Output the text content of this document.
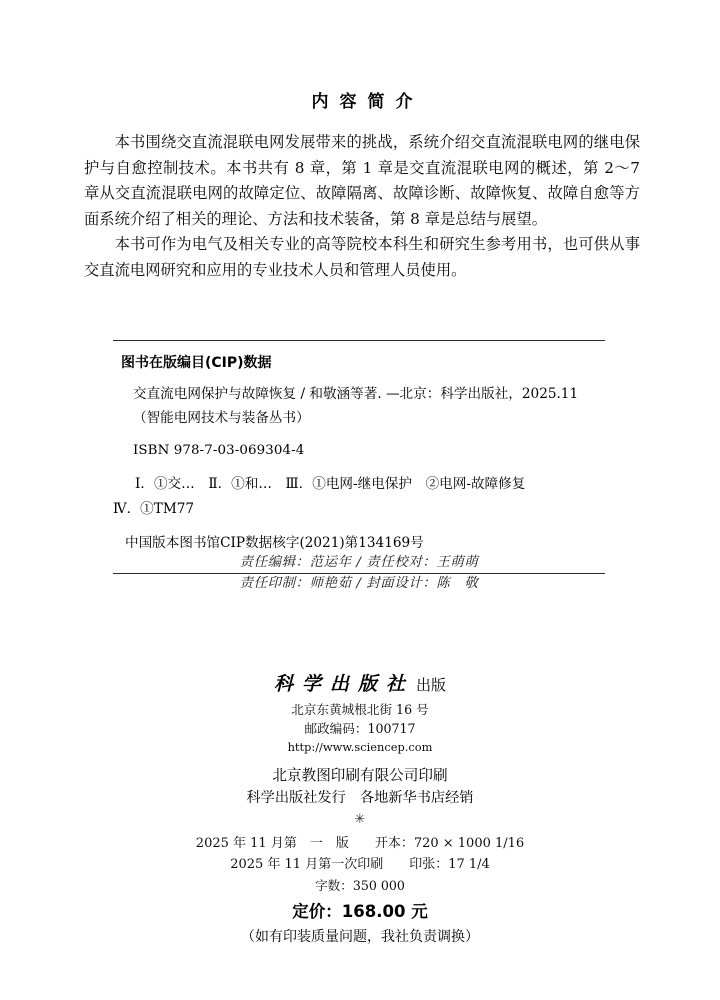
内容简介

本书围绕交直流混联电网发展带来的挑战，系统介绍交直流混联电网的继电保护与自愈控制技术。本书共有 8 章，第 1 章是交直流混联电网的概述，第 2～7 章从交直流混联电网的故障定位、故障隔离、故障诊断、故障恢复、故障自愈等方面系统介绍了相关的理论、方法和技术装备，第 8 章是总结与展望。

本书可作为电气及相关专业的高等院校本科生和研究生参考用书，也可供从事交直流电网研究和应用的专业技术人员和管理人员使用。

图书在版编目(CIP)数据
交直流电网保护与故障恢复 / 和敬涵等著. —北京：科学出版社，2025.11
（智能电网技术与装备丛书）
ISBN 978-7-03-069304-4
Ⅰ．①交…　Ⅱ．①和…　Ⅲ．①电网-继电保护　②电网-故障修复
Ⅳ．①TM77
中国版本图书馆CIP数据核字(2021)第134169号

责任编辑：范运年 / 责任校对：王萌萌

责任印制：师艳茹 / 封面设计：陈　敬

科学出版社 出版

北京东黄城根北街 16 号

邮政编码：100717

http://www.sciencep.com

北京教图印刷有限公司印刷

科学出版社发行　各地新华书店经销

✳

2025 年 11 月第　一　版　　开本：720 × 1000 1/16

2025 年 11 月第一次印刷　　印张：17 1/4

字数：350 000

定价：168.00 元

（如有印装质量问题，我社负责调换）
